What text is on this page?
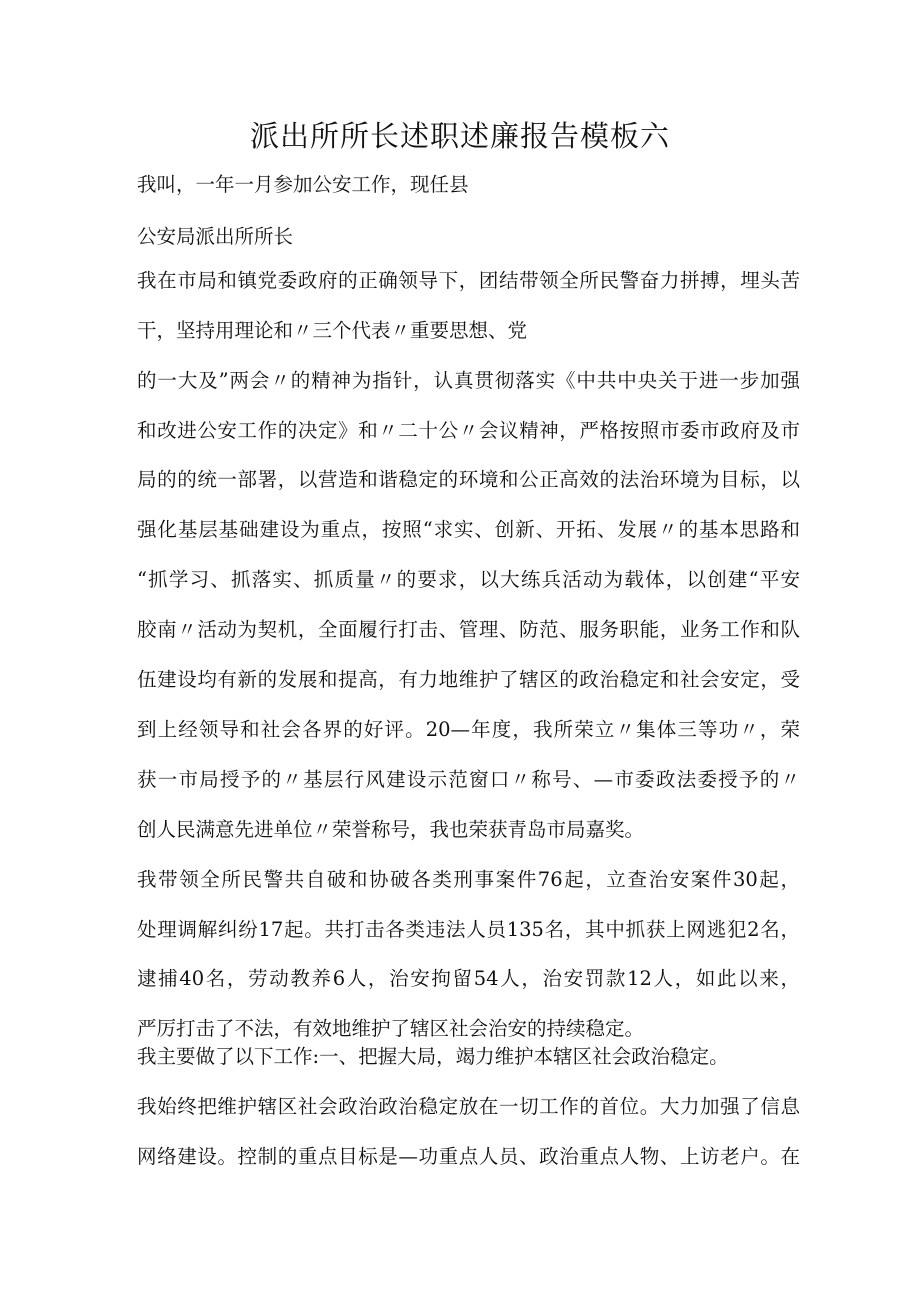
派出所所长述职述廉报告模板六
我叫，一年一月参加公安工作，现任县
公安局派出所所长
我在市局和镇党委政府的正确领导下，团结带领全所民警奋力拼搏，埋头苦
干，坚持用理论和〃三个代表〃重要思想、党
的一大及”两会〃的精神为指针，认真贯彻落实《中共中央关于进一步加强
和改进公安工作的决定》和〃二十公〃会议精神，严格按照市委市政府及市
局的的统一部署，以营造和谐稳定的环境和公正高效的法治环境为目标，以
强化基层基础建设为重点，按照“求实、创新、开拓、发展〃的基本思路和
“抓学习、抓落实、抓质量〃的要求，以大练兵活动为载体，以创建“平安
胶南〃活动为契机，全面履行打击、管理、防范、服务职能，业务工作和队
伍建设均有新的发展和提高，有力地维护了辖区的政治稳定和社会安定，受
到上经领导和社会各界的好评。20—年度，我所荣立〃集体三等功〃，荣
获一市局授予的〃基层行风建设示范窗口〃称号、—市委政法委授予的〃
创人民满意先进单位〃荣誉称号，我也荣获青岛市局嘉奖。
我带领全所民警共自破和协破各类刑事案件76起，立查治安案件30起，
处理调解纠纷17起。共打击各类违法人员135名，其中抓获上网逃犯2名，
逮捕40名，劳动教养6人，治安拘留54人，治安罚款12人，如此以来，
严厉打击了不法，有效地维护了辖区社会治安的持续稳定。
我主要做了以下工作:一、把握大局，竭力维护本辖区社会政治稳定。
我始终把维护辖区社会政治政治稳定放在一切工作的首位。大力加强了信息
网络建设。控制的重点目标是—功重点人员、政治重点人物、上访老户。在
